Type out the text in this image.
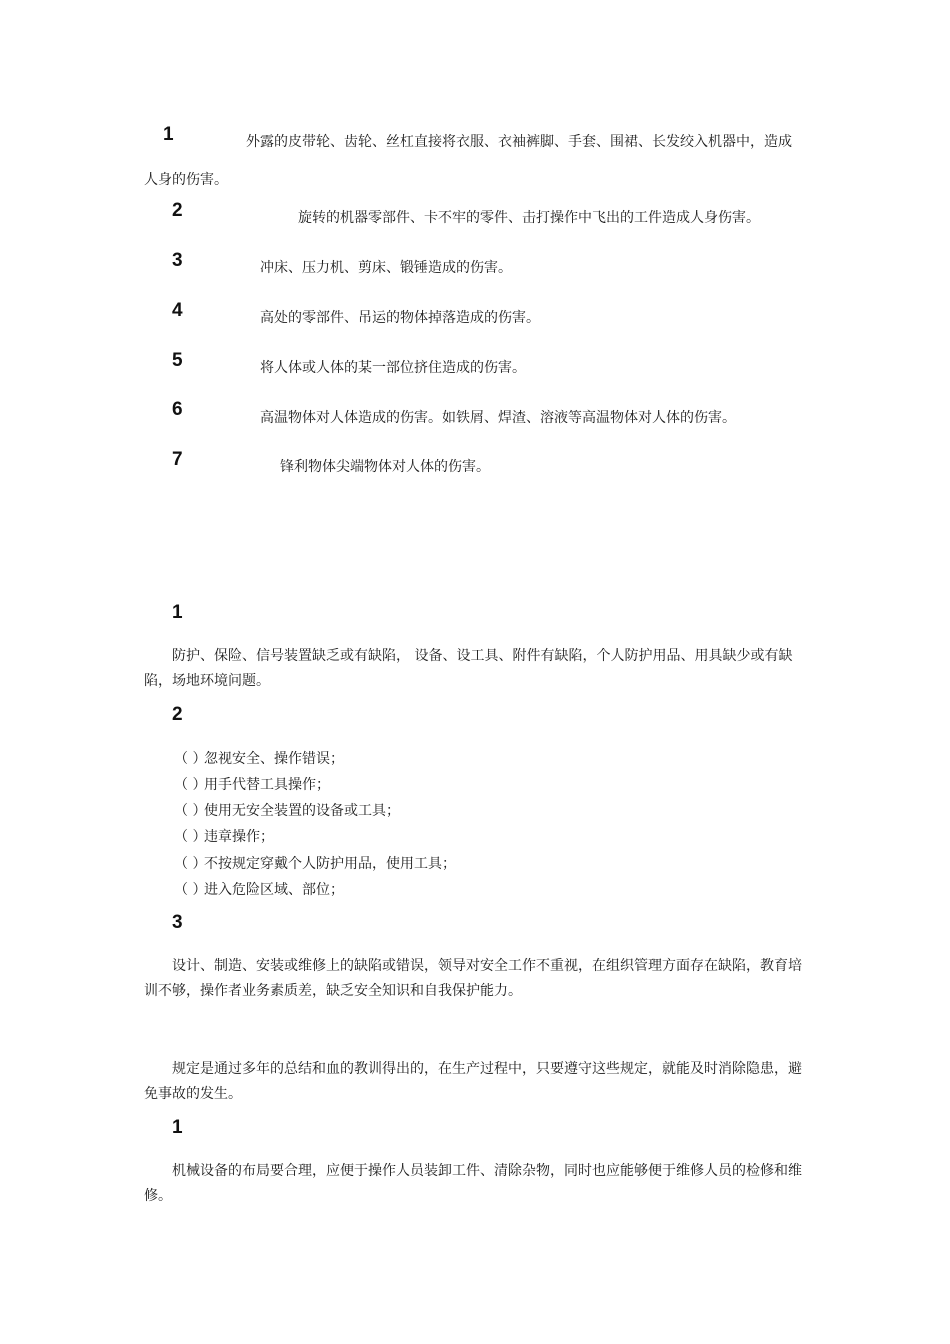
1	外露的皮带轮、齿轮、丝杠直接将衣服、衣袖裤脚、手套、围裙、长发绞入机器中，造成
人身的伤害。
2	旋转的机器零部件、卡不牢的零件、击打操作中飞出的工件造成人身伤害。
3	冲床、压力机、剪床、锻锤造成的伤害。
4	高处的零部件、吊运的物体掉落造成的伤害。
5	将人体或人体的某一部位挤住造成的伤害。
6	高温物体对人体造成的伤害。如铁屑、焊渣、溶液等高温物体对人体的伤害。
7	锋利物体尖端物体对人体的伤害。
1

防护、保险、信号装置缺乏或有缺陷， 设备、设工具、附件有缺陷，个人防护用品、用具缺少或有缺陷，场地环境问题。

2
（ ）忽视安全、操作错误；
（ ）用手代替工具操作；
（ ）使用无安全装置的设备或工具；
（ ）违章操作；
（ ）不按规定穿戴个人防护用品，使用工具；
（ ）进入危险区域、部位；
3

设计、制造、安装或维修上的缺陷或错误，领导对安全工作不重视，在组织管理方面存在缺陷，教育培训不够，操作者业务素质差，缺乏安全知识和自我保护能力。

规定是通过多年的总结和血的教训得出的，在生产过程中，只要遵守这些规定，就能及时消除隐患，避免事故的发生。

1

机械设备的布局要合理，应便于操作人员装卸工件、清除杂物，同时也应能够便于维修人员的检修和维修。
